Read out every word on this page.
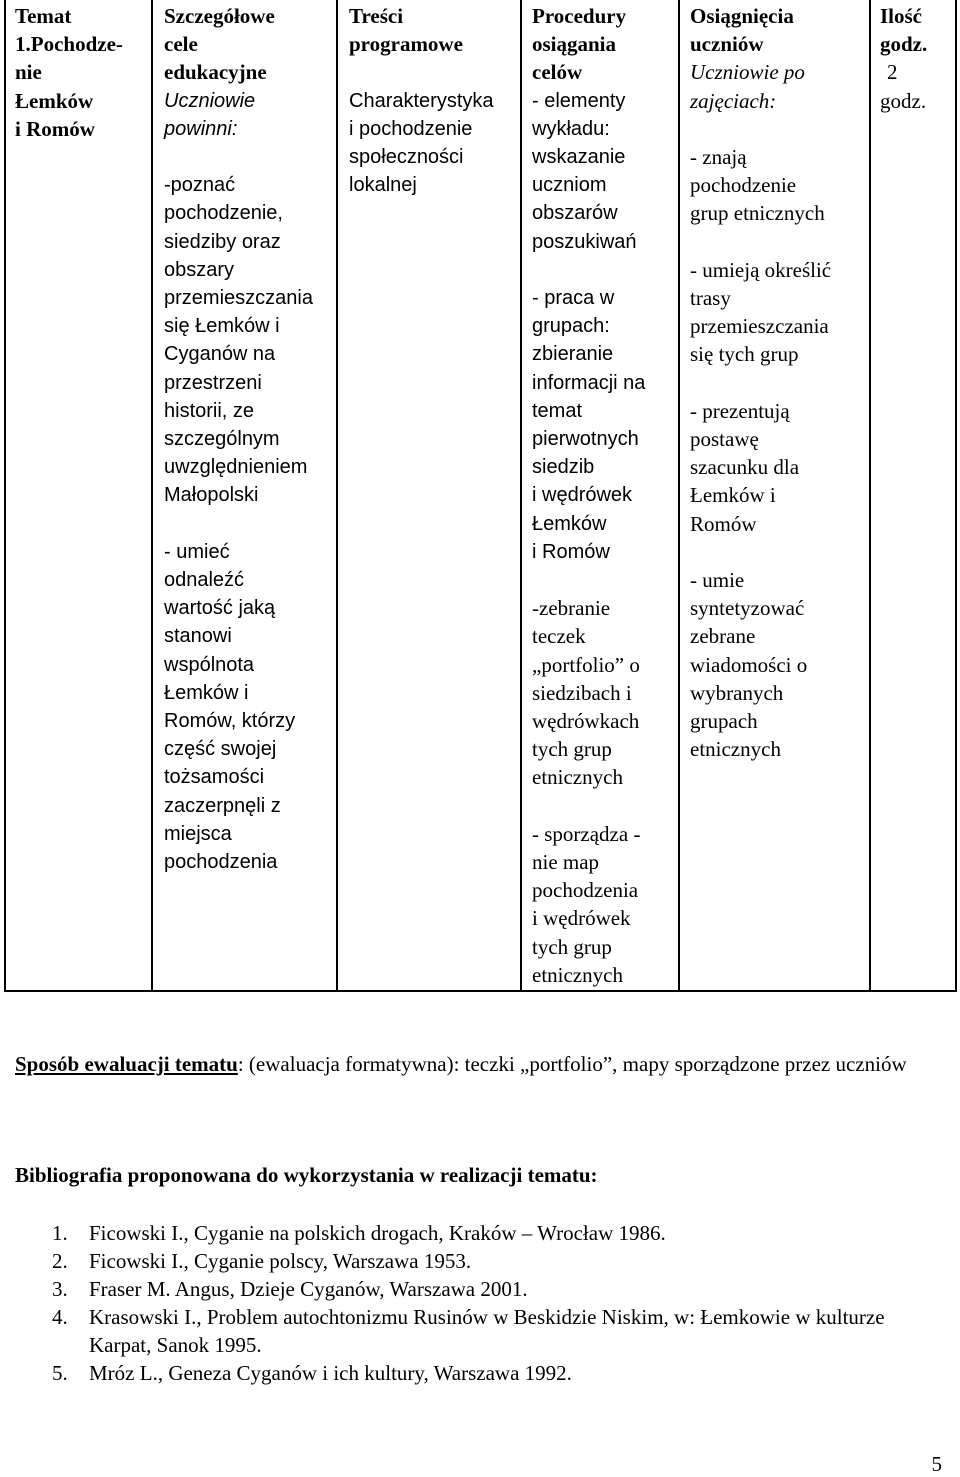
Temat
1.Pochodze-
nie
Łemków
i Romów
Szczegółowe
cele
edukacyjne
Uczniowie
powinni:
-poznać
pochodzenie,
siedziby oraz
obszary
przemieszczania
się Łemków i
Cyganów na
przestrzeni
historii, ze
szczególnym
uwzględnieniem
Małopolski
- umieć
odnaleźć
wartość jaką
stanowi
wspólnota
Łemków i
Romów, którzy
część swojej
tożsamości
zaczerpnęli z
miejsca
pochodzenia
Treści
programowe
Charakterystyka
i pochodzenie
społeczności
lokalnej
Procedury
osiągania
celów
- elementy
wykładu:
wskazanie
uczniom
obszarów
poszukiwań
- praca w
grupach:
zbieranie
informacji na
temat
pierwotnych
siedzib
i wędrówek
Łemków
i Romów
-zebranie
teczek
„portfolio” o
siedzibach i
wędrówkach
tych grup
etnicznych
- sporządza -
nie map
pochodzenia
i wędrówek
tych grup
etnicznych
Osiągnięcia
uczniów
Uczniowie po
zajęciach:
- znają
pochodzenie
grup etnicznych
- umieją określić
trasy
przemieszczania
się tych grup
- prezentują
postawę
szacunku dla
Łemków i
Romów
- umie
syntetyzować
zebrane
wiadomości o
wybranych
grupach
etnicznych
Ilość
godz.
2
godz.
Sposób ewaluacji tematu: (ewaluacja formatywna): teczki „portfolio”, mapy sporządzone przez uczniów
Bibliografia proponowana do wykorzystania w realizacji tematu:
1. Ficowski I., Cyganie na polskich drogach, Kraków – Wrocław 1986.
2. Ficowski I., Cyganie polscy, Warszawa 1953.
3. Fraser M. Angus, Dzieje Cyganów, Warszawa 2001.
4. Krasowski I., Problem autochtonizmu Rusinów w Beskidzie Niskim, w: Łemkowie w kulturze Karpat, Sanok 1995.
5. Mróz L., Geneza Cyganów i ich kultury, Warszawa 1992.
5
